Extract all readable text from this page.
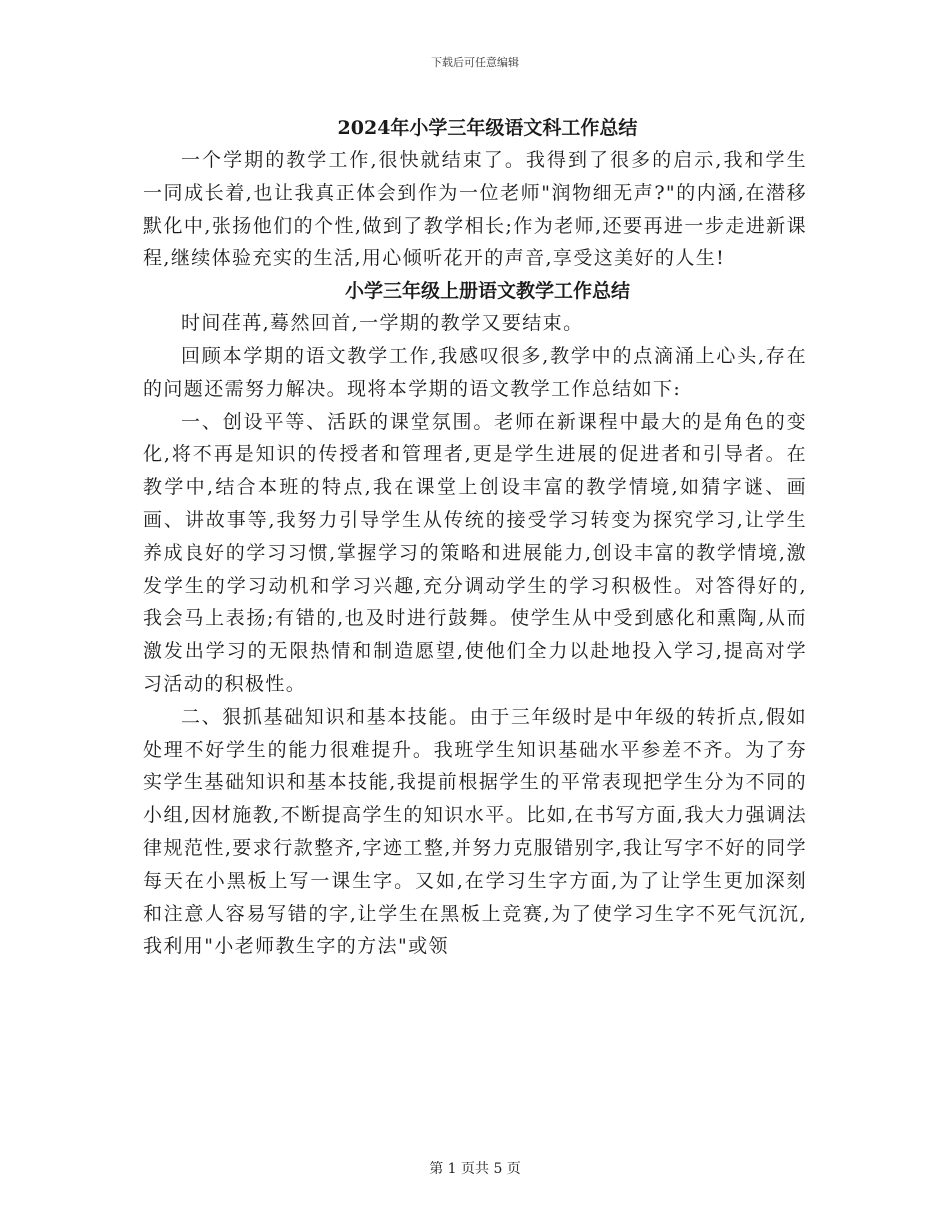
下载后可任意编辑
2024年小学三年级语文科工作总结

一个学期的教学工作,很快就结束了。我得到了很多的启示,我和学生一同成长着,也让我真正体会到作为一位老师"润物细无声?"的内涵,在潜移默化中,张扬他们的个性,做到了教学相长;作为老师,还要再进一步走进新课程,继续体验充实的生活,用心倾听花开的声音,享受这美好的人生!

小学三年级上册语文教学工作总结

时间荏苒,蓦然回首,一学期的教学又要结束。

回顾本学期的语文教学工作,我感叹很多,教学中的点滴涌上心头,存在的问题还需努力解决。现将本学期的语文教学工作总结如下:

一、创设平等、活跃的课堂氛围。老师在新课程中最大的是角色的变化,将不再是知识的传授者和管理者,更是学生进展的促进者和引导者。在教学中,结合本班的特点,我在课堂上创设丰富的教学情境,如猜字谜、画画、讲故事等,我努力引导学生从传统的接受学习转变为探究学习,让学生养成良好的学习习惯,掌握学习的策略和进展能力,创设丰富的教学情境,激发学生的学习动机和学习兴趣,充分调动学生的学习积极性。对答得好的,我会马上表扬;有错的,也及时进行鼓舞。使学生从中受到感化和熏陶,从而激发出学习的无限热情和制造愿望,使他们全力以赴地投入学习,提高对学习活动的积极性。

二、狠抓基础知识和基本技能。由于三年级时是中年级的转折点,假如处理不好学生的能力很难提升。我班学生知识基础水平参差不齐。为了夯实学生基础知识和基本技能,我提前根据学生的平常表现把学生分为不同的小组,因材施教,不断提高学生的知识水平。比如,在书写方面,我大力强调法律规范性,要求行款整齐,字迹工整,并努力克服错别字,我让写字不好的同学每天在小黑板上写一课生字。又如,在学习生字方面,为了让学生更加深刻和注意人容易写错的字,让学生在黑板上竞赛,为了使学习生字不死气沉沉,我利用"小老师教生字的方法"或领

第 1 页共 5 页
